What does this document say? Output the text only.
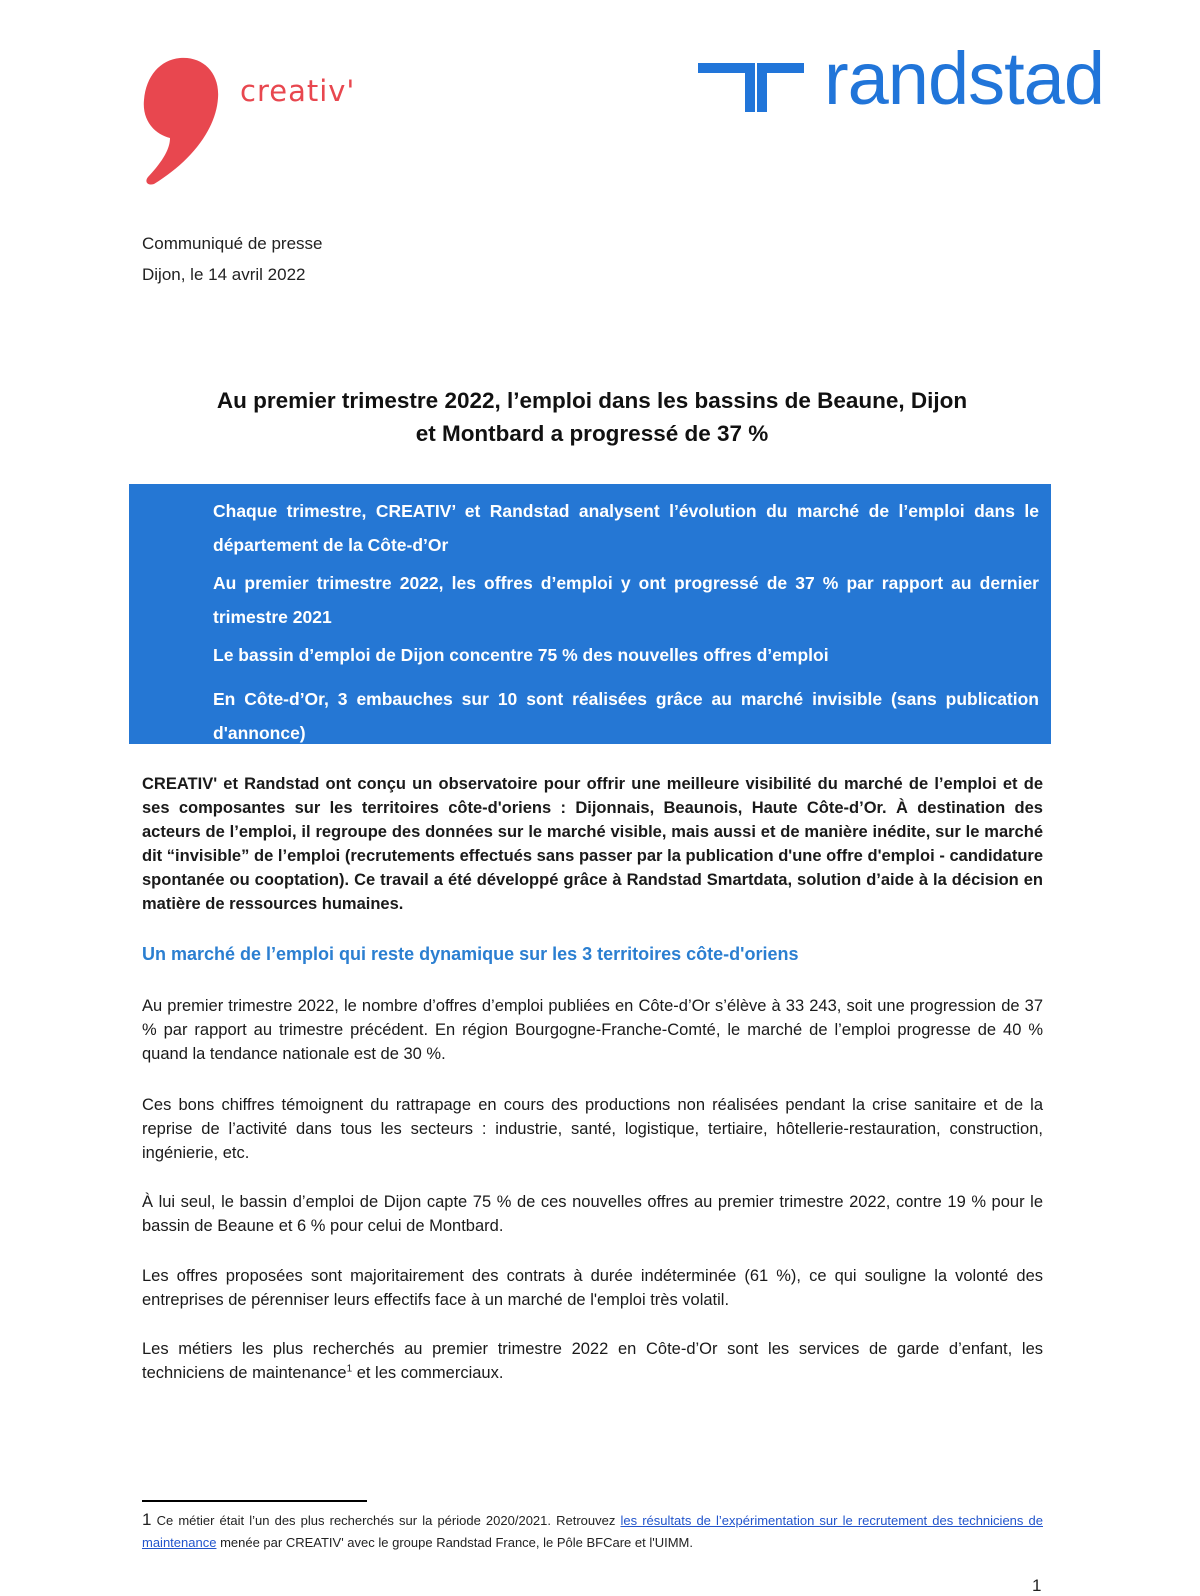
creativ'	randstad
Communiqué de presse
Dijon, le 14 avril 2022
Au premier trimestre 2022, l’emploi dans les bassins de Beaune, Dijon
et Montbard a progressé de 37 %
Chaque trimestre, CREATIV’ et Randstad analysent l’évolution du marché de l’emploi dans le département de la Côte-d’Or
Au premier trimestre 2022, les offres d’emploi y ont progressé de 37 % par rapport au dernier trimestre 2021
Le bassin d’emploi de Dijon concentre 75 % des nouvelles offres d’emploi
En Côte-d’Or, 3 embauches sur 10 sont réalisées grâce au marché invisible (sans publication d'annonce)
CREATIV' et Randstad ont conçu un observatoire pour offrir une meilleure visibilité du marché de l’emploi et de ses composantes sur les territoires côte-d'oriens : Dijonnais, Beaunois, Haute Côte-d’Or. À destination des acteurs de l’emploi, il regroupe des données sur le marché visible, mais aussi et de manière inédite, sur le marché dit “invisible” de l’emploi (recrutements effectués sans passer par la publication d'une offre d'emploi - candidature spontanée ou cooptation). Ce travail a été développé grâce à Randstad Smartdata, solution d’aide à la décision en matière de ressources humaines.
Un marché de l’emploi qui reste dynamique sur les 3 territoires côte-d'oriens
Au premier trimestre 2022, le nombre d’offres d’emploi publiées en Côte-d’Or s’élève à 33 243, soit une progression de 37 % par rapport au trimestre précédent. En région Bourgogne-Franche-Comté, le marché de l’emploi progresse de 40 % quand la tendance nationale est de 30 %.
Ces bons chiffres témoignent du rattrapage en cours des productions non réalisées pendant la crise sanitaire et de la reprise de l’activité dans tous les secteurs : industrie, santé, logistique, tertiaire, hôtellerie-restauration, construction, ingénierie, etc.
À lui seul, le bassin d’emploi de Dijon capte 75 % de ces nouvelles offres au premier trimestre 2022, contre 19 % pour le bassin de Beaune et 6 % pour celui de Montbard.
Les offres proposées sont majoritairement des contrats à durée indéterminée (61 %), ce qui souligne la volonté des entreprises de pérenniser leurs effectifs face à un marché de l'emploi très volatil.
Les métiers les plus recherchés au premier trimestre 2022 en Côte-d’Or sont les services de garde d’enfant, les techniciens de maintenance$^1$ et les commerciaux.
1 Ce métier était l’un des plus recherchés sur la période 2020/2021. Retrouvez les résultats de l’expérimentation sur le recrutement des techniciens de maintenance menée par CREATIV' avec le groupe Randstad France, le Pôle BFCare et l'UIMM.
1
